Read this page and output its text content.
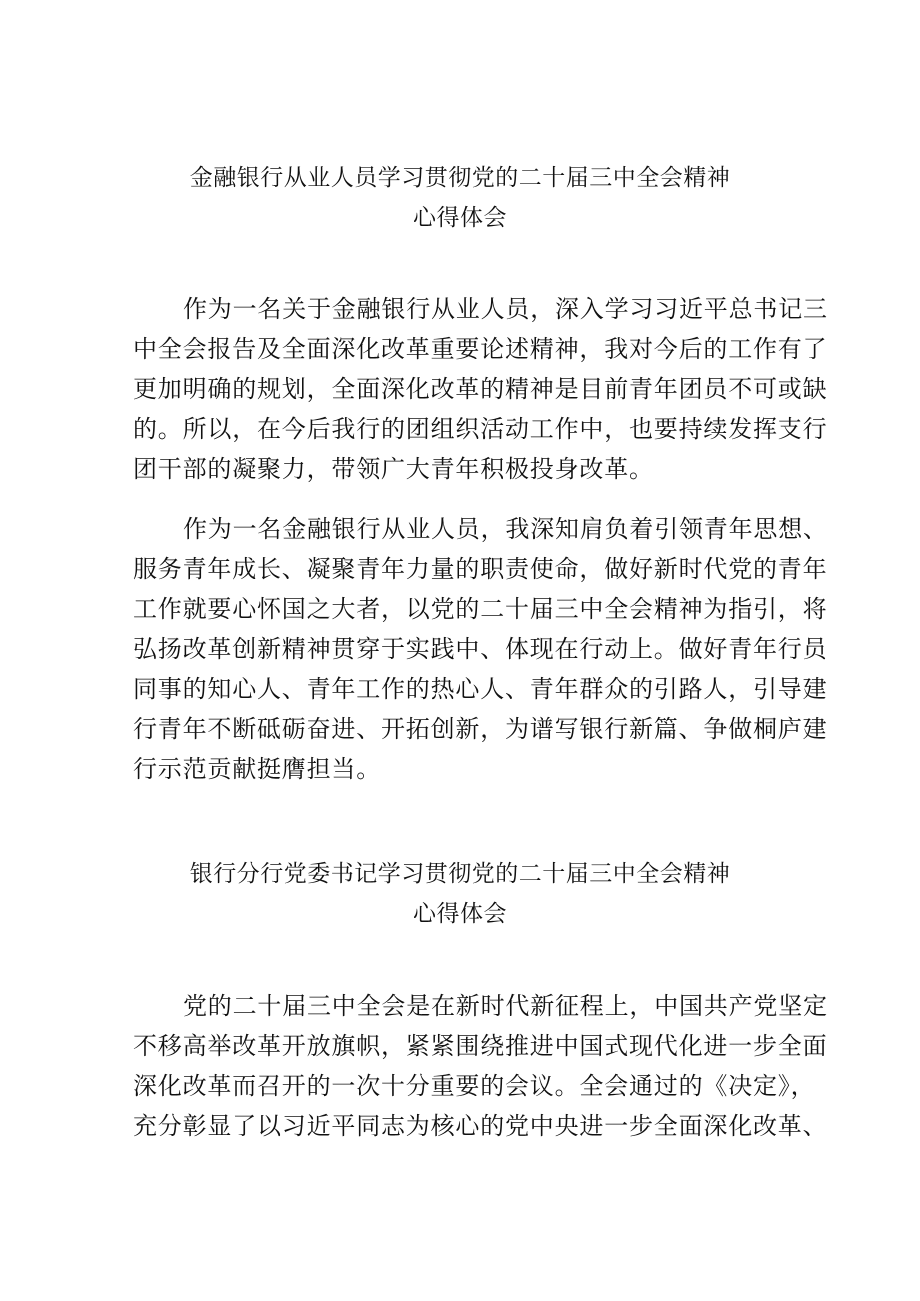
金融银行从业人员学习贯彻党的二十届三中全会精神
心得体会
作为一名关于金融银行从业人员，深入学习习近平总书记三
中全会报告及全面深化改革重要论述精神，我对今后的工作有了
更加明确的规划，全面深化改革的精神是目前青年团员不可或缺
的。所以，在今后我行的团组织活动工作中，也要持续发挥支行
团干部的凝聚力，带领广大青年积极投身改革。
作为一名金融银行从业人员，我深知肩负着引领青年思想、
服务青年成长、凝聚青年力量的职责使命，做好新时代党的青年
工作就要心怀国之大者，以党的二十届三中全会精神为指引，将
弘扬改革创新精神贯穿于实践中、体现在行动上。做好青年行员
同事的知心人、青年工作的热心人、青年群众的引路人，引导建
行青年不断砥砺奋进、开拓创新，为谱写银行新篇、争做桐庐建
行示范贡献挺膺担当。
银行分行党委书记学习贯彻党的二十届三中全会精神
心得体会
党的二十届三中全会是在新时代新征程上，中国共产党坚定
不移高举改革开放旗帜，紧紧围绕推进中国式现代化进一步全面
深化改革而召开的一次十分重要的会议。全会通过的《决定》，
充分彰显了以习近平同志为核心的党中央进一步全面深化改革、
